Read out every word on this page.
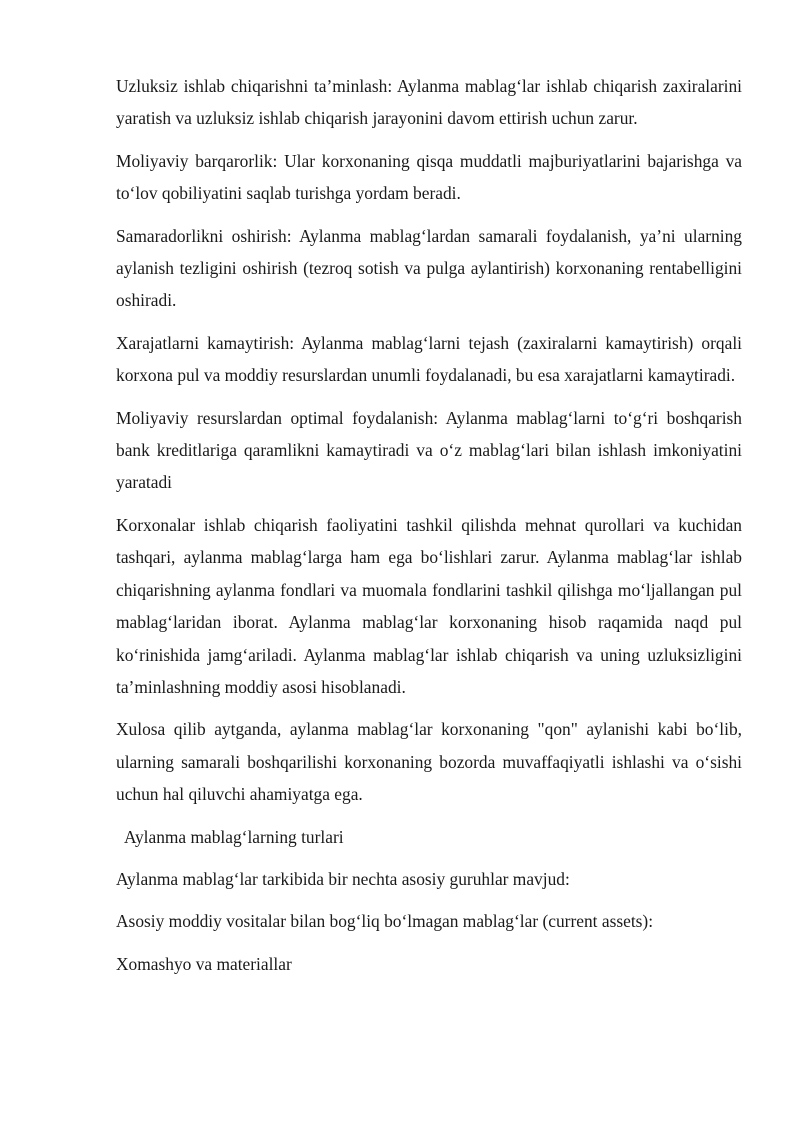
Uzluksiz ishlab chiqarishni ta’minlash: Aylanma mablag‘lar ishlab chiqarish zaxiralarini yaratish va uzluksiz ishlab chiqarish jarayonini davom ettirish uchun zarur.

Moliyaviy barqarorlik: Ular korxonaning qisqa muddatli majburiyatlarini bajarishga va to‘lov qobiliyatini saqlab turishga yordam beradi.

Samaradorlikni oshirish: Aylanma mablag‘lardan samarali foydalanish, ya’ni ularning aylanish tezligini oshirish (tezroq sotish va pulga aylantirish) korxonaning rentabelligini oshiradi.

Xarajatlarni kamaytirish: Aylanma mablag‘larni tejash (zaxiralarni kamaytirish) orqali korxona pul va moddiy resurslardan unumli foydalanadi, bu esa xarajatlarni kamaytiradi.

Moliyaviy resurslardan optimal foydalanish: Aylanma mablag‘larni to‘g‘ri boshqarish bank kreditlariga qaramlikni kamaytiradi va o‘z mablag‘lari bilan ishlash imkoniyatini yaratadi

Korxonalar ishlab chiqarish faoliyatini tashkil qilishda mehnat qurollari va kuchidan tashqari, aylanma mablag‘larga ham ega bo‘lishlari zarur. Aylanma mablag‘lar ishlab chiqarishning aylanma fondlari va muomala fondlarini tashkil qilishga mo‘ljallangan pul mablag‘laridan iborat. Aylanma mablag‘lar korxonaning hisob raqamida naqd pul ko‘rinishida jamg‘ariladi. Aylanma mablag‘lar ishlab chiqarish va uning uzluksizligini ta’minlashning moddiy asosi hisoblanadi.

Xulosa qilib aytganda, aylanma mablag‘lar korxonaning "qon" aylanishi kabi bo‘lib, ularning samarali boshqarilishi korxonaning bozorda muvaffaqiyatli ishlashi va o‘sishi uchun hal qiluvchi ahamiyatga ega.

Aylanma mablag‘larning turlari

Aylanma mablag‘lar tarkibida bir nechta asosiy guruhlar mavjud:

Asosiy moddiy vositalar bilan bog‘liq bo‘lmagan mablag‘lar (current assets):

Xomashyo va materiallar
